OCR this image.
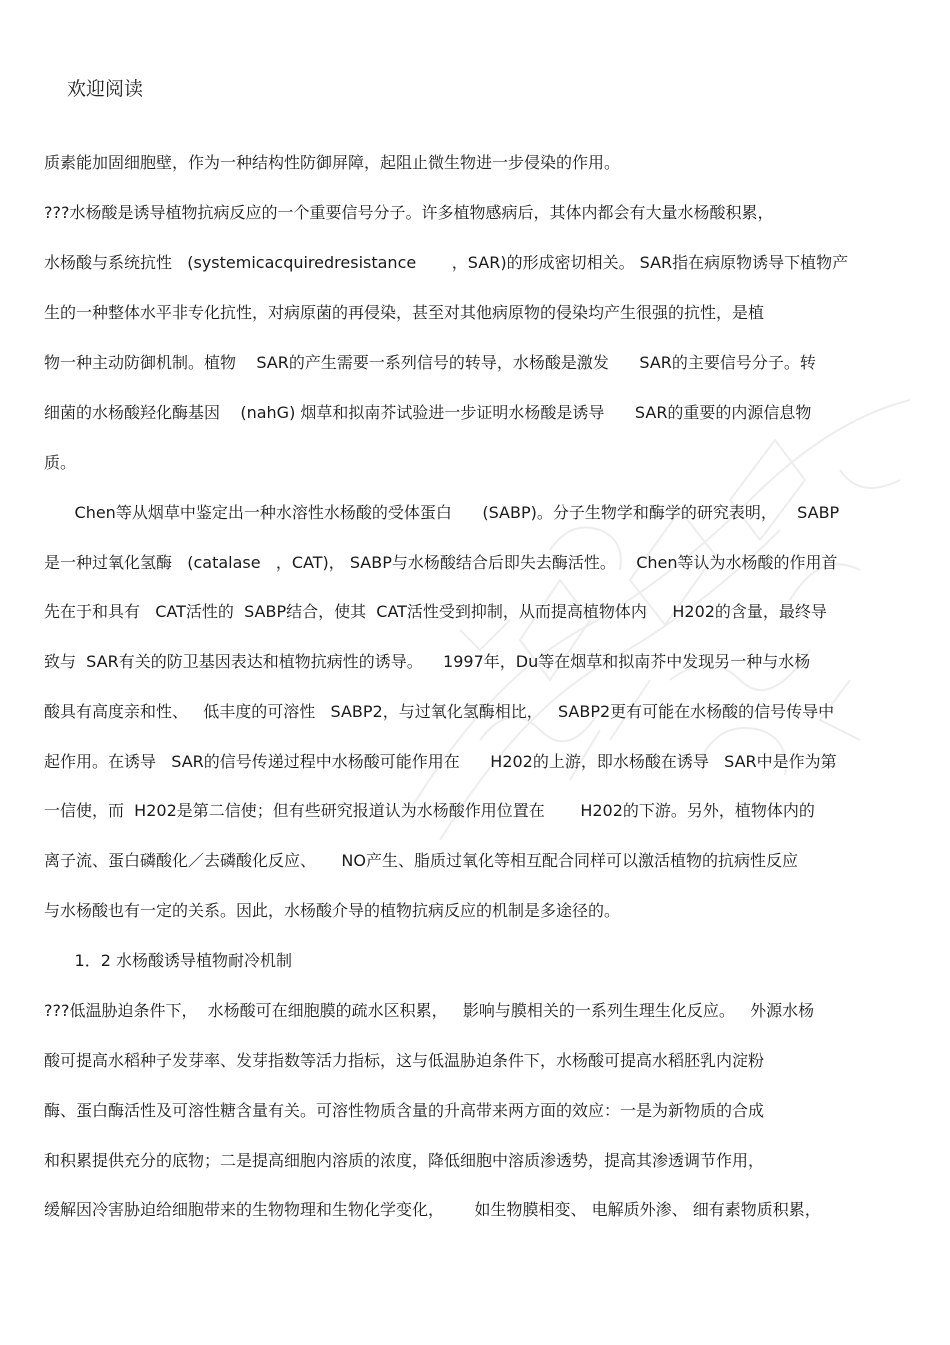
欢迎阅读
质素能加固细胞壁，作为一种结构性防御屏障，起阻止微生物进一步侵染的作用。
???水杨酸是诱导植物抗病反应的一个重要信号分子。许多植物感病后，其体内都会有大量水杨酸积累，
水杨酸与系统抗性   (systemicacquiredresistance       ，SAR)的形成密切相关。 SAR指在病原物诱导下植物产
生的一种整体水平非专化抗性，对病原菌的再侵染，甚至对其他病原物的侵染均产生很强的抗性，是植
物一种主动防御机制。植物    SAR的产生需要一系列信号的转导，水杨酸是激发      SAR的主要信号分子。转
细菌的水杨酸羟化酶基因    (nahG) 烟草和拟南芥试验进一步证明水杨酸是诱导      SAR的重要的内源信息物
质。
Chen等从烟草中鉴定出一种水溶性水杨酸的受体蛋白      (SABP)。分子生物学和酶学的研究表明，    SABP
是一种过氧化氢酶   (catalase   ，CAT)， SABP与水杨酸结合后即失去酶活性。    Chen等认为水杨酸的作用首
先在于和具有   CAT活性的  SABP结合，使其  CAT活性受到抑制，从而提高植物体内     H202的含量，最终导
致与  SAR有关的防卫基因表达和植物抗病性的诱导。    1997年，Du等在烟草和拟南芥中发现另一种与水杨
酸具有高度亲和性、   低丰度的可溶性   SABP2，与过氧化氢酶相比，   SABP2更有可能在水杨酸的信号传导中
起作用。在诱导   SAR的信号传递过程中水杨酸可能作用在      H202的上游，即水杨酸在诱导   SAR中是作为第
一信使，而  H202是第二信使；但有些研究报道认为水杨酸作用位置在       H202的下游。另外，植物体内的
离子流、蛋白磷酸化／去磷酸化反应、     NO产生、脂质过氧化等相互配合同样可以激活植物的抗病性反应
与水杨酸也有一定的关系。因此，水杨酸介导的植物抗病反应的机制是多途径的。
1．2 水杨酸诱导植物耐冷机制
???低温胁迫条件下，  水杨酸可在细胞膜的疏水区积累，   影响与膜相关的一系列生理生化反应。   外源水杨
酸可提高水稻种子发芽率、发芽指数等活力指标，这与低温胁迫条件下，水杨酸可提高水稻胚乳内淀粉
酶、蛋白酶活性及可溶性糖含量有关。可溶性物质含量的升高带来两方面的效应：一是为新物质的合成
和积累提供充分的底物；二是提高细胞内溶质的浓度，降低细胞中溶质渗透势，提高其渗透调节作用，
缓解因冷害胁迫给细胞带来的生物物理和生物化学变化，      如生物膜相变、 电解质外渗、 细有素物质积累，
